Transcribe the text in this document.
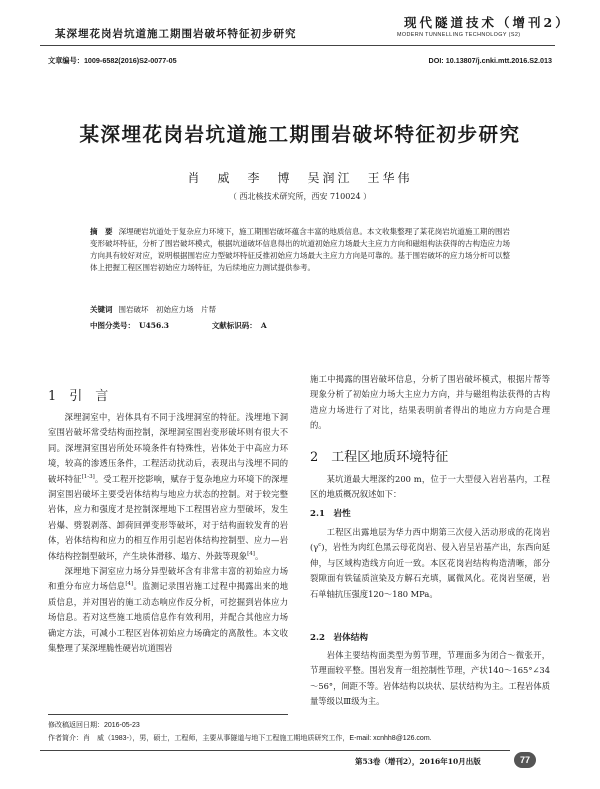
某深埋花岗岩坑道施工期围岩破坏特征初步研究
现代隧道技术（增刊2）
MODERN TUNNELLING TECHNOLOGY (S2)
文章编号：1009-6582(2016)S2-0077-05	DOI: 10.13807/j.cnki.mtt.2016.S2.013
某深埋花岗岩坑道施工期围岩破坏特征初步研究
肖　威　李　博　吴润江　王华伟
（ 西北核技术研究所，西安 710024 ）
摘　要 深埋硬岩坑道处于复杂应力环境下，施工期围岩破坏蕴含丰富的地质信息。本文收集整理了某花岗岩坑道施工期的围岩变形破坏特征，分析了围岩破坏模式，根据坑道破坏信息得出的坑道初始应力场最大主应力方向和磁组构法获得的古构造应力场方向具有较好对应，说明根据围岩应力型破坏特征反推初始应力场最大主应力方向是可靠的。基于围岩破坏的应力场分析可以整体上把握工程区围岩初始应力场特征，为后续地应力测试提供参考。
关键词 围岩破坏　初始应力场　片帮
中图分类号： U456.3	文献标识码： A
1　引　言

深埋洞室中，岩体具有不同于浅埋洞室的特征。浅埋地下洞室围岩破坏常受结构面控制，深埋洞室围岩变形破坏则有很大不同。深埋洞室围岩所处环境条件有特殊性，岩体处于中高应力环境，较高的渗透压条件，工程活动扰动后，表现出与浅埋不同的破坏特征[1-3]。受工程开挖影响，赋存于复杂地应力环境下的深埋洞室围岩破坏主要受岩体结构与地应力状态的控制。对于较完整岩体，应力和强度才是控制深埋地下工程围岩应力型破坏，发生岩爆、劈裂剥落、卸荷回弹变形等破坏，对于结构面较发育的岩体，岩体结构和应力的相互作用引起岩体结构控制型、应力—岩体结构控制型破坏，产生块体滑移、塌方、外鼓等现象[4]。

深埋地下洞室应力场分异型破坏含有非常丰富的初始应力场和重分布应力场信息[4]。监测记录围岩施工过程中揭露出来的地质信息，并对围岩的施工动态响应作反分析，可挖掘到岩体应力场信息。若对这些施工地质信息作有效利用，并配合其他应力场确定方法，可减小工程区岩体初始应力场确定的离散性。本文收集整理了某深埋脆性硬岩坑道围岩

施工中揭露的围岩破坏信息，分析了围岩破坏模式，根据片帮等现象分析了初始应力场大主应力方向，并与磁组构法获得的古构造应力场进行了对比，结果表明前者得出的地应力方向是合理的。

2　工程区地质环境特征

某坑道最大埋深约200 m，位于一大型侵入岩岩基内，工程区的地质概况叙述如下：

2.1　岩性

工程区出露地层为华力西中期第三次侵入活动形成的花岗岩$(\gamma^c)$，岩性为肉红色黑云母花岗岩、侵入岩呈岩基产出，东西向延伸，与区域构造线方向近一致。本区花岗岩结构构造清晰，部分裂隙面有铁锰质渲染及方解石充填，属微风化。花岗岩坚硬，岩石单轴抗压强度120～180 MPa。

2.2　岩体结构

岩体主要结构面类型为剪节理，节理面多为闭合～微张开，节理面较平整。围岩发育一组控制性节理，产状140～165°∠34～56°，间距不等。岩体结构以块状、层状结构为主。工程岩体质量等级以Ⅲ级为主。

修改稿返回日期：2016-05-23
作者简介：肖　威（1983-），男，硕士，工程师，主要从事隧道与地下工程施工期地质研究工作，E-mail: xcnhh8@126.com.
第53卷（增刊2），2016年10月出版	77
